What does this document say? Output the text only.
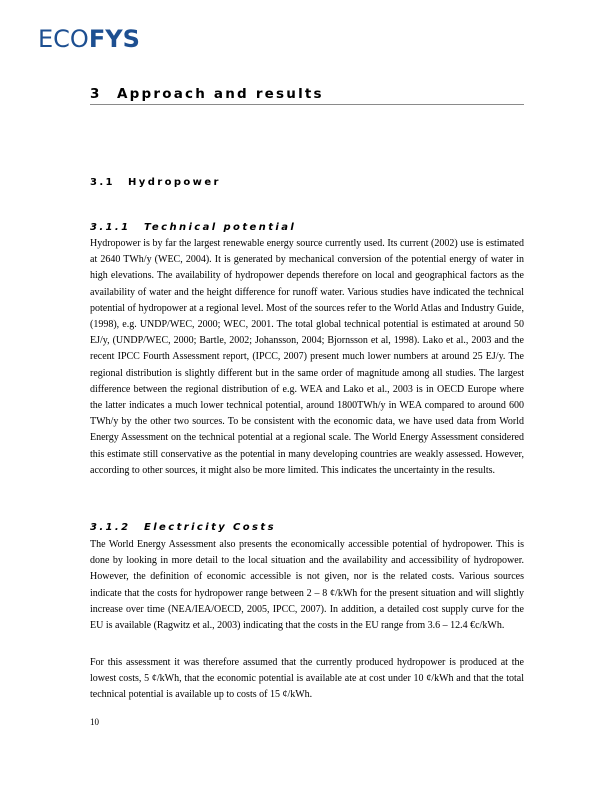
ECOFYS
3 Approach and results
3.1 Hydropower
3.1.1 Technical potential

Hydropower is by far the largest renewable energy source currently used. Its current (2002) use is estimated at 2640 TWh/y (WEC, 2004). It is generated by mechanical conversion of the potential energy of water in high elevations. The availability of hydropower depends therefore on local and geographical factors as the availability of water and the height difference for runoff water. Various studies have indicated the technical potential of hydropower at a regional level. Most of the sources refer to the World Atlas and Industry Guide, (1998), e.g. UNDP/WEC, 2000; WEC, 2001. The total global technical potential is estimated at around 50 EJ/y, (UNDP/WEC, 2000; Bartle, 2002; Johansson, 2004; Bjornsson et al, 1998). Lako et al., 2003 and the recent IPCC Fourth Assessment report, (IPCC, 2007) present much lower numbers at around 25 EJ/y. The regional distribution is slightly different but in the same order of magnitude among all studies. The largest difference between the regional distribution of e.g. WEA and Lako et al., 2003 is in OECD Europe where the latter indicates a much lower technical potential, around 1800TWh/y in WEA compared to around 600 TWh/y by the other two sources. To be consistent with the economic data, we have used data from World Energy Assessment on the technical potential at a regional scale. The World Energy Assessment considered this estimate still conservative as the potential in many developing countries are weakly assessed. However, according to other sources, it might also be more limited. This indicates the uncertainty in the results.

3.1.2 Electricity Costs

The World Energy Assessment also presents the economically accessible potential of hydropower. This is done by looking in more detail to the local situation and the availability and accessibility of hydropower. However, the definition of economic accessible is not given, nor is the related costs. Various sources indicate that the costs for hydropower range between 2 – 8 ¢/kWh for the present situation and will slightly increase over time (NEA/IEA/OECD, 2005, IPCC, 2007). In addition, a detailed cost supply curve for the EU is available (Ragwitz et al., 2003) indicating that the costs in the EU range from 3.6 – 12.4 €c/kWh.

For this assessment it was therefore assumed that the currently produced hydropower is produced at the lowest costs, 5 ¢/kWh, that the economic potential is available ate at cost under 10 ¢/kWh and that the total technical potential is available up to costs of 15 ¢/kWh.

10
